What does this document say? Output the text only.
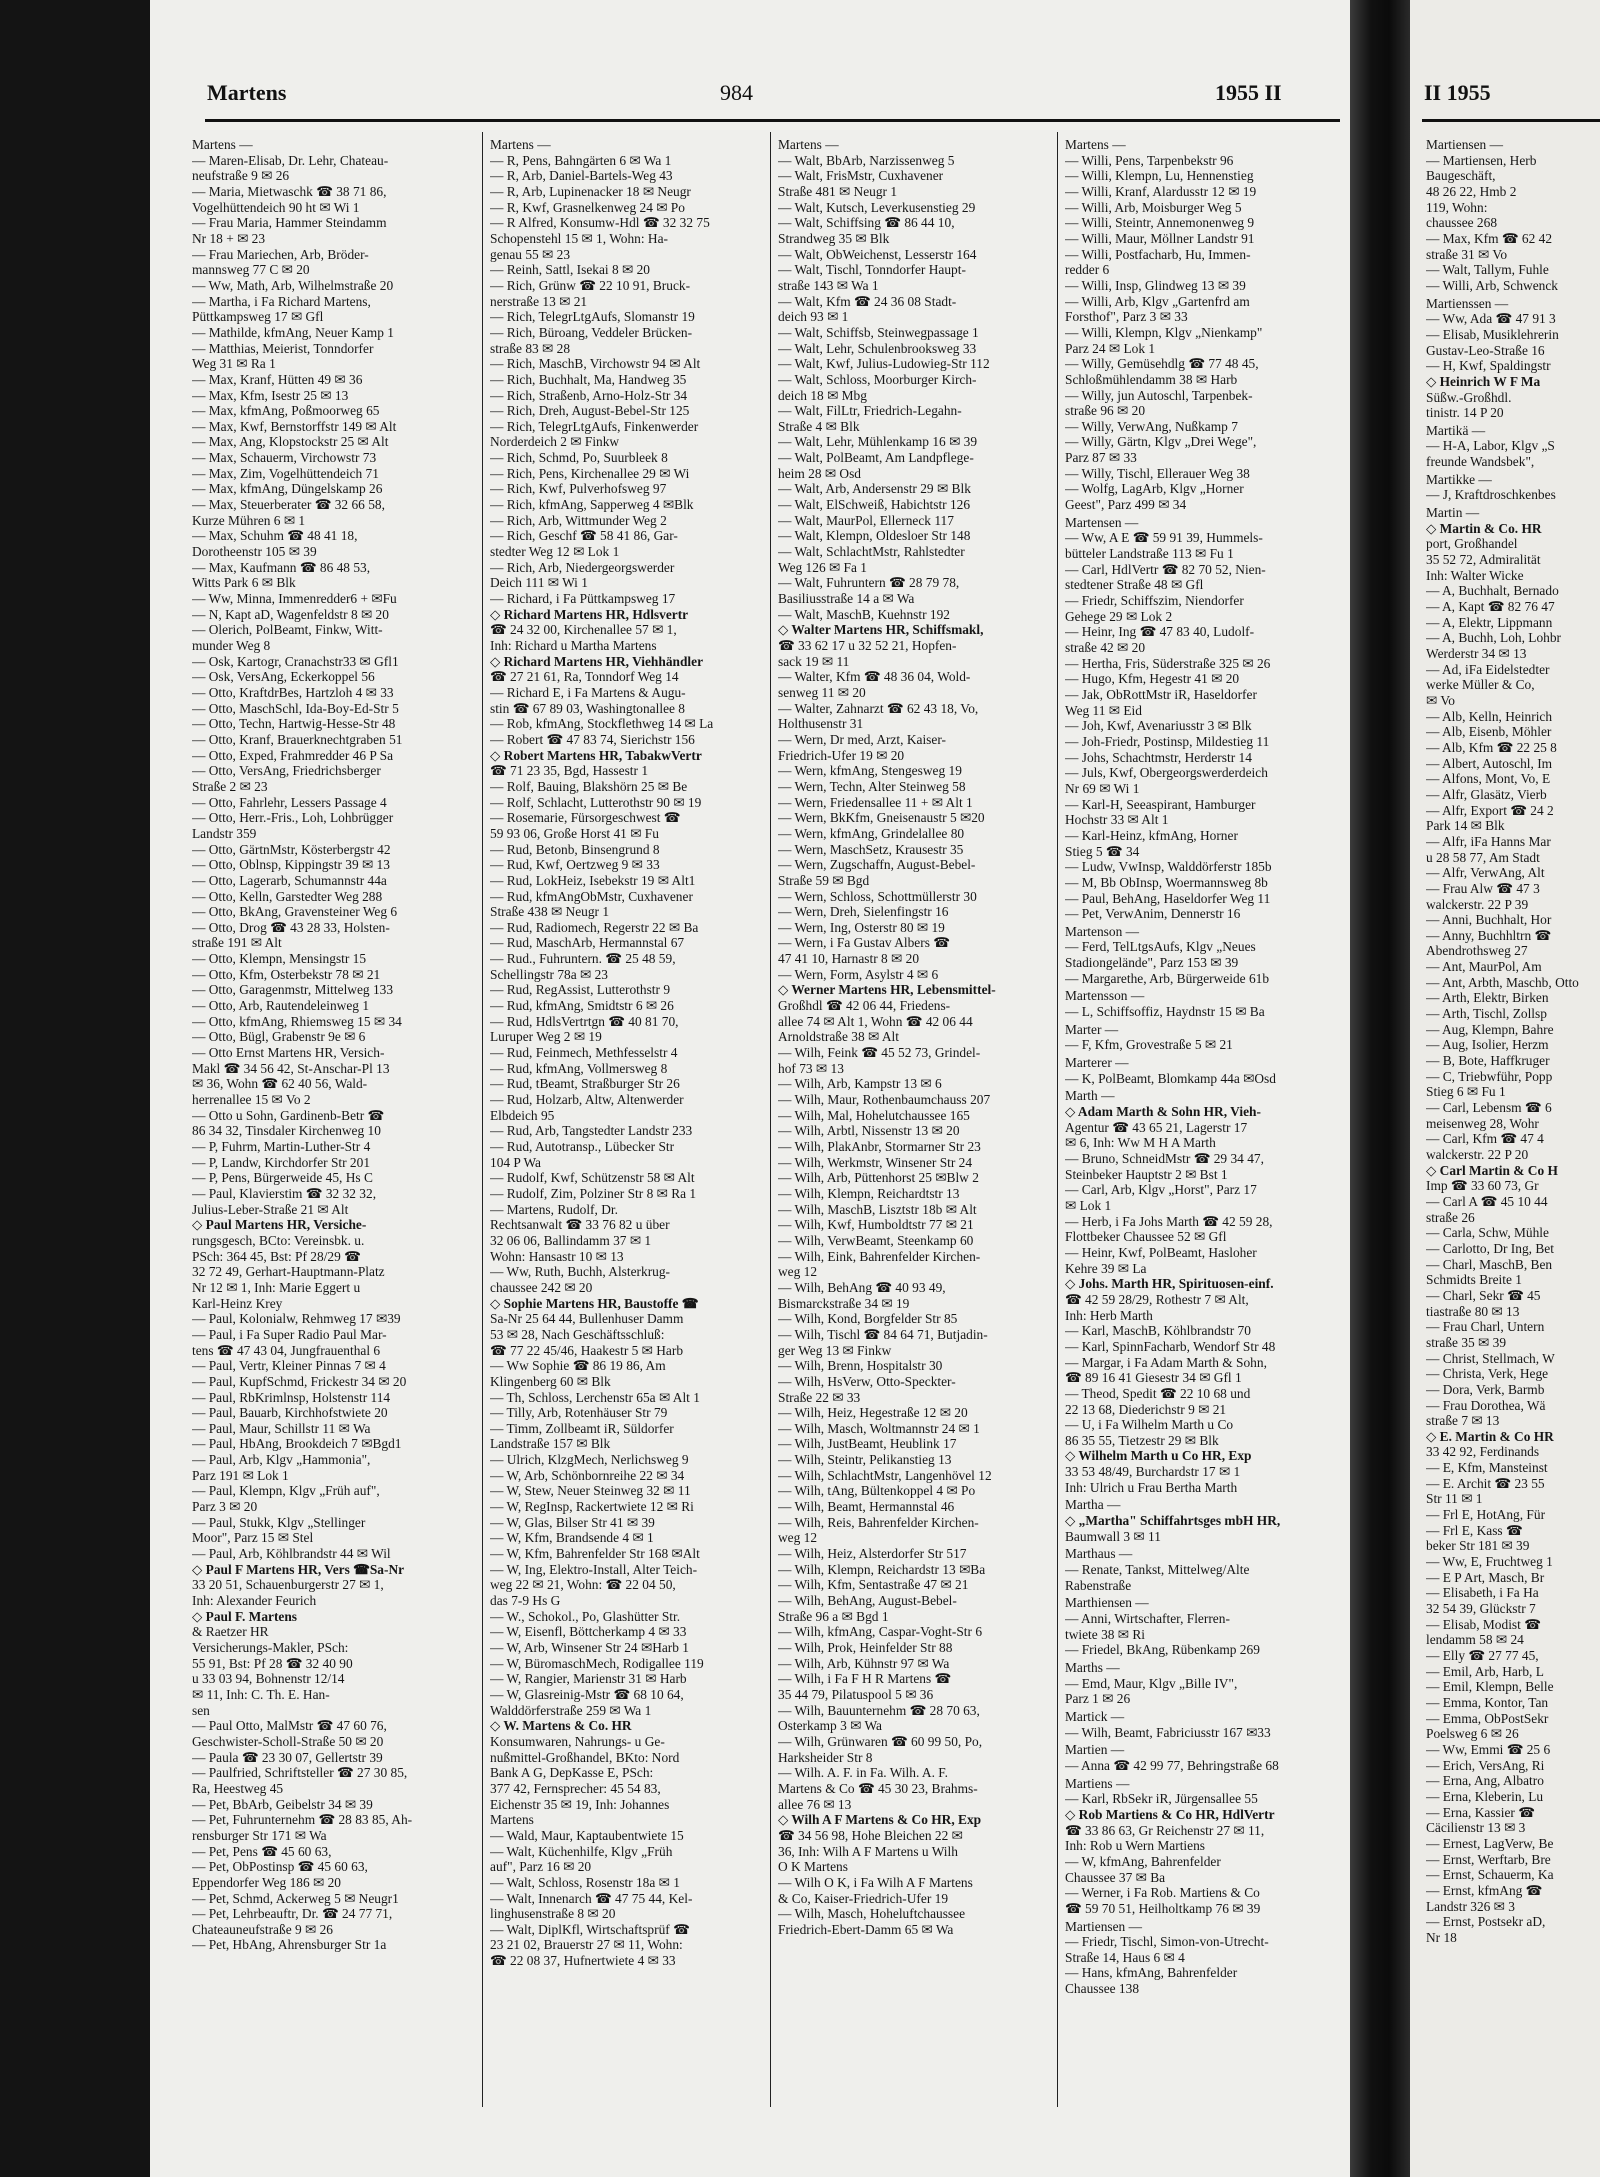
Martens	984	1955 II
Martens —
— Maren-Elisab, Dr. Lehr, Chateau-
neufstraße 9 ✉ 26
— Maria, Mietwaschk ☎ 38 71 86,
Vogelhüttendeich 90 ht ✉ Wi 1
— Frau Maria, Hammer Steindamm
Nr 18 + ✉ 23
— Frau Mariechen, Arb, Bröder-
mannsweg 77 C ✉ 20
— Ww, Math, Arb, Wilhelmstraße 20
— Martha, i Fa Richard Martens,
Püttkampsweg 17 ✉ Gfl
— Mathilde, kfmAng, Neuer Kamp 1
— Matthias, Meierist, Tonndorfer
Weg 31 ✉ Ra 1
— Max, Kranf, Hütten 49 ✉ 36
— Max, Kfm, Isestr 25 ✉ 13
— Max, kfmAng, Poßmoorweg 65
— Max, Kwf, Bernstorffstr 149 ✉ Alt
— Max, Ang, Klopstockstr 25 ✉ Alt
— Max, Schauerm, Virchowstr 73
— Max, Zim, Vogelhüttendeich 71
— Max, kfmAng, Düngelskamp 26
— Max, Steuerberater ☎ 32 66 58,
Kurze Mühren 6 ✉ 1
— Max, Schuhm ☎ 48 41 18,
Dorotheenstr 105 ✉ 39
— Max, Kaufmann ☎ 86 48 53,
Witts Park 6 ✉ Blk
— Ww, Minna, Immenredder6 + ✉Fu
— N, Kapt aD, Wagenfeldstr 8 ✉ 20
— Olerich, PolBeamt, Finkw, Witt-
munder Weg 8
— Osk, Kartogr, Cranachstr33 ✉ Gfl1
— Osk, VersAng, Eckerkoppel 56
— Otto, KraftdrBes, Hartzloh 4 ✉ 33
— Otto, MaschSchl, Ida-Boy-Ed-Str 5
— Otto, Techn, Hartwig-Hesse-Str 48
— Otto, Kranf, Brauerknechtgraben 51
— Otto, Exped, Frahmredder 46 P Sa
— Otto, VersAng, Friedrichsberger
Straße 2 ✉ 23
— Otto, Fahrlehr, Lessers Passage 4
— Otto, Herr.-Fris., Loh, Lohbrügger
Landstr 359
— Otto, GärtnMstr, Kösterbergstr 42
— Otto, Oblnsp, Kippingstr 39 ✉ 13
— Otto, Lagerarb, Schumannstr 44a
— Otto, Kelln, Garstedter Weg 288
— Otto, BkAng, Gravensteiner Weg 6
— Otto, Drog ☎ 43 28 33, Holsten-
straße 191 ✉ Alt
— Otto, Klempn, Mensingstr 15
— Otto, Kfm, Osterbekstr 78 ✉ 21
— Otto, Garagenmstr, Mittelweg 133
— Otto, Arb, Rautendeleinweg 1
— Otto, kfmAng, Rhiemsweg 15 ✉ 34
— Otto, Bügl, Grabenstr 9e ✉ 6
— Otto Ernst Martens HR, Versich-
Makl ☎ 34 56 42, St-Anschar-Pl 13
✉ 36, Wohn ☎ 62 40 56, Wald-
herrenallee 15 ✉ Vo 2
— Otto u Sohn, Gardinenb-Betr ☎
86 34 32, Tinsdaler Kirchenweg 10
— P, Fuhrm, Martin-Luther-Str 4
— P, Landw, Kirchdorfer Str 201
— P, Pens, Bürgerweide 45, Hs C
— Paul, Klavierstim ☎ 32 32 32,
Julius-Leber-Straße 21 ✉ Alt
◇ Paul Martens HR, Versiche-
rungsgesch, BCto: Vereinsbk. u.
PSch: 364 45, Bst: Pf 28/29 ☎
32 72 49, Gerhart-Hauptmann-Platz
Nr 12 ✉ 1, Inh: Marie Eggert u
Karl-Heinz Krey
— Paul, Kolonialw, Rehmweg 17 ✉39
— Paul, i Fa Super Radio Paul Mar-
tens ☎ 47 43 04, Jungfrauenthal 6
— Paul, Vertr, Kleiner Pinnas 7 ✉ 4
— Paul, KupfSchmd, Frickestr 34 ✉ 20
— Paul, RbKrimlnsp, Holstenstr 114
— Paul, Bauarb, Kirchhofstwiete 20
— Paul, Maur, Schillstr 11 ✉ Wa
— Paul, HbAng, Brookdeich 7 ✉Bgd1
— Paul, Arb, Klgv „Hammonia",
Parz 191 ✉ Lok 1
— Paul, Klempn, Klgv „Früh auf",
Parz 3 ✉ 20
— Paul, Stukk, Klgv „Stellinger
Moor", Parz 15 ✉ Stel
— Paul, Arb, Köhlbrandstr 44 ✉ Wil
◇ Paul F Martens HR, Vers ☎Sa-Nr
33 20 51, Schauenburgerstr 27 ✉ 1,
Inh: Alexander Feurich
◇ Paul F. Martens
& Raetzer HR
Versicherungs-Makler, PSch:
55 91, Bst: Pf 28 ☎ 32 40 90
u 33 03 94, Bohnenstr 12/14
✉ 11, Inh: C. Th. E. Han-
sen
— Paul Otto, MalMstr ☎ 47 60 76,
Geschwister-Scholl-Straße 50 ✉ 20
— Paula ☎ 23 30 07, Gellertstr 39
— Paulfried, Schriftsteller ☎ 27 30 85,
Ra, Heestweg 45
— Pet, BbArb, Geibelstr 34 ✉ 39
— Pet, Fuhrunternehm ☎ 28 83 85, Ah-
rensburger Str 171 ✉ Wa
— Pet, Pens ☎ 45 60 63,
— Pet, ObPostinsp ☎ 45 60 63,
Eppendorfer Weg 186 ✉ 20
— Pet, Schmd, Ackerweg 5 ✉ Neugr1
— Pet, Lehrbeauftr, Dr. ☎ 24 77 71,
Chateauneufstraße 9 ✉ 26
— Pet, HbAng, Ahrensburger Str 1a
Martens —
— R, Pens, Bahngärten 6 ✉ Wa 1
— R, Arb, Daniel-Bartels-Weg 43
— R, Arb, Lupinenacker 18 ✉ Neugr
— R, Kwf, Grasnelkenweg 24 ✉ Po
— R Alfred, Konsumw-Hdl ☎ 32 32 75
Schopenstehl 15 ✉ 1, Wohn: Ha-
genau 55 ✉ 23
— Reinh, Sattl, Isekai 8 ✉ 20
— Rich, Grünw ☎ 22 10 91, Bruck-
nerstraße 13 ✉ 21
— Rich, TelegrLtgAufs, Slomanstr 19
— Rich, Büroang, Veddeler Brücken-
straße 83 ✉ 28
— Rich, MaschB, Virchowstr 94 ✉ Alt
— Rich, Buchhalt, Ma, Handweg 35
— Rich, Straßenb, Arno-Holz-Str 34
— Rich, Dreh, August-Bebel-Str 125
— Rich, TelegrLtgAufs, Finkenwerder
Norderdeich 2 ✉ Finkw
— Rich, Schmd, Po, Suurbleek 8
— Rich, Pens, Kirchenallee 29 ✉ Wi
— Rich, Kwf, Pulverhofsweg 97
— Rich, kfmAng, Sapperweg 4 ✉Blk
— Rich, Arb, Wittmunder Weg 2
— Rich, Geschf ☎ 58 41 86, Gar-
stedter Weg 12 ✉ Lok 1
— Rich, Arb, Niedergeorgswerder
Deich 111 ✉ Wi 1
— Richard, i Fa Püttkampsweg 17
◇ Richard Martens HR, Hdlsvertr
☎ 24 32 00, Kirchenallee 57 ✉ 1,
Inh: Richard u Martha Martens
◇ Richard Martens HR, Viehhändler
☎ 27 21 61, Ra, Tonndorf Weg 14
— Richard E, i Fa Martens & Augu-
stin ☎ 67 89 03, Washingtonallee 8
— Rob, kfmAng, Stockflethweg 14 ✉ La
— Robert ☎ 47 83 74, Sierichstr 156
◇ Robert Martens HR, TabakwVertr
☎ 71 23 35, Bgd, Hassestr 1
— Rolf, Bauing, Blakshörn 25 ✉ Be
— Rolf, Schlacht, Lutterothstr 90 ✉ 19
— Rosemarie, Fürsorgeschwest ☎
59 93 06, Große Horst 41 ✉ Fu
— Rud, Betonb, Binsengrund 8
— Rud, Kwf, Oertzweg 9 ✉ 33
— Rud, LokHeiz, Isebekstr 19 ✉ Alt1
— Rud, kfmAngObMstr, Cuxhavener
Straße 438 ✉ Neugr 1
— Rud, Radiomech, Regerstr 22 ✉ Ba
— Rud, MaschArb, Hermannstal 67
— Rud., Fuhruntern. ☎ 25 48 59,
Schellingstr 78a ✉ 23
— Rud, RegAssist, Lutterothstr 9
— Rud, kfmAng, Smidtstr 6 ✉ 26
— Rud, HdlsVertrtgn ☎ 40 81 70,
Luruper Weg 2 ✉ 19
— Rud, Feinmech, Methfesselstr 4
— Rud, kfmAng, Vollmersweg 8
— Rud, tBeamt, Straßburger Str 26
— Rud, Holzarb, Altw, Altenwerder
Elbdeich 95
— Rud, Arb, Tangstedter Landstr 233
— Rud, Autotransp., Lübecker Str
104 P Wa
— Rudolf, Kwf, Schützenstr 58 ✉ Alt
— Rudolf, Zim, Polziner Str 8 ✉ Ra 1
— Martens, Rudolf, Dr.
Rechtsanwalt ☎ 33 76 82 u über
32 06 06, Ballindamm 37 ✉ 1
Wohn: Hansastr 10 ✉ 13
— Ww, Ruth, Buchh, Alsterkrug-
chaussee 242 ✉ 20
◇ Sophie Martens HR, Baustoffe ☎
Sa-Nr 25 64 44, Bullenhuser Damm
53 ✉ 28, Nach Geschäftsschluß:
☎ 77 22 45/46, Haakestr 5 ✉ Harb
— Ww Sophie ☎ 86 19 86, Am
Klingenberg 60 ✉ Blk
— Th, Schloss, Lerchenstr 65a ✉ Alt 1
— Tilly, Arb, Rotenhäuser Str 79
— Timm, Zollbeamt iR, Süldorfer
Landstraße 157 ✉ Blk
— Ulrich, KlzgMech, Nerlichsweg 9
— W, Arb, Schönbornreihe 22 ✉ 34
— W, Stew, Neuer Steinweg 32 ✉ 11
— W, RegInsp, Rackertwiete 12 ✉ Ri
— W, Glas, Bilser Str 41 ✉ 39
— W, Kfm, Brandsende 4 ✉ 1
— W, Kfm, Bahrenfelder Str 168 ✉Alt
— W, Ing, Elektro-Install, Alter Teich-
weg 22 ✉ 21, Wohn: ☎ 22 04 50,
das 7-9 Hs G
— W., Schokol., Po, Glashütter Str.
— W, Eisenfl, Böttcherkamp 4 ✉ 33
— W, Arb, Winsener Str 24 ✉Harb 1
— W, BüromaschMech, Rodigallee 119
— W, Rangier, Marienstr 31 ✉ Harb
— W, Glasreinig-Mstr ☎ 68 10 64,
Walddörferstraße 259 ✉ Wa 1
◇ W. Martens & Co. HR
Konsumwaren, Nahrungs- u Ge-
nußmittel-Großhandel, BKto: Nord
Bank A G, DepKasse E, PSch:
377 42, Fernsprecher: 45 54 83,
Eichenstr 35 ✉ 19, Inh: Johannes
Martens
— Wald, Maur, Kaptaubentwiete 15
— Walt, Küchenhilfe, Klgv „Früh
auf", Parz 16 ✉ 20
— Walt, Schloss, Rosenstr 18a ✉ 1
— Walt, Innenarch ☎ 47 75 44, Kel-
linghusenstraße 8 ✉ 20
— Walt, DiplKfl, Wirtschaftsprüf ☎
23 21 02, Brauerstr 27 ✉ 11, Wohn:
☎ 22 08 37, Hufnertwiete 4 ✉ 33
Martens —
— Walt, BbArb, Narzissenweg 5
— Walt, FrisMstr, Cuxhavener
Straße 481 ✉ Neugr 1
— Walt, Kutsch, Leverkusenstieg 29
— Walt, Schiffsing ☎ 86 44 10,
Strandweg 35 ✉ Blk
— Walt, ObWeichenst, Lesserstr 164
— Walt, Tischl, Tonndorfer Haupt-
straße 143 ✉ Wa 1
— Walt, Kfm ☎ 24 36 08 Stadt-
deich 93 ✉ 1
— Walt, Schiffsb, Steinwegpassage 1
— Walt, Lehr, Schulenbrooksweg 33
— Walt, Kwf, Julius-Ludowieg-Str 112
— Walt, Schloss, Moorburger Kirch-
deich 18 ✉ Mbg
— Walt, FilLtr, Friedrich-Legahn-
Straße 4 ✉ Blk
— Walt, Lehr, Mühlenkamp 16 ✉ 39
— Walt, PolBeamt, Am Landpflege-
heim 28 ✉ Osd
— Walt, Arb, Andersenstr 29 ✉ Blk
— Walt, ElSchweiß, Habichtstr 126
— Walt, MaurPol, Ellerneck 117
— Walt, Klempn, Oldesloer Str 148
— Walt, SchlachtMstr, Rahlstedter
Weg 126 ✉ Fa 1
— Walt, Fuhruntern ☎ 28 79 78,
Basiliusstraße 14 a ✉ Wa
— Walt, MaschB, Kuehnstr 192
◇ Walter Martens HR, Schiffsmakl,
☎ 33 62 17 u 32 52 21, Hopfen-
sack 19 ✉ 11
— Walter, Kfm ☎ 48 36 04, Wold-
senweg 11 ✉ 20
— Walter, Zahnarzt ☎ 62 43 18, Vo,
Holthusenstr 31
— Wern, Dr med, Arzt, Kaiser-
Friedrich-Ufer 19 ✉ 20
— Wern, kfmAng, Stengesweg 19
— Wern, Techn, Alter Steinweg 58
— Wern, Friedensallee 11 + ✉ Alt 1
— Wern, BkKfm, Gneisenaustr 5 ✉20
— Wern, kfmAng, Grindelallee 80
— Wern, MaschSetz, Krausestr 35
— Wern, Zugschaffn, August-Bebel-
Straße 59 ✉ Bgd
— Wern, Schloss, Schottmüllerstr 30
— Wern, Dreh, Sielenfingstr 16
— Wern, Ing, Osterstr 80 ✉ 19
— Wern, i Fa Gustav Albers ☎
47 41 10, Harnastr 8 ✉ 20
— Wern, Form, Asylstr 4 ✉ 6
◇ Werner Martens HR, Lebensmittel-
Großhdl ☎ 42 06 44, Friedens-
allee 74 ✉ Alt 1, Wohn ☎ 42 06 44
Arnoldstraße 38 ✉ Alt
— Wilh, Feink ☎ 45 52 73, Grindel-
hof 73 ✉ 13
— Wilh, Arb, Kampstr 13 ✉ 6
— Wilh, Maur, Rothenbaumchauss 207
— Wilh, Mal, Hohelutchaussee 165
— Wilh, Arbtl, Nissenstr 13 ✉ 20
— Wilh, PlakAnbr, Stormarner Str 23
— Wilh, Werkmstr, Winsener Str 24
— Wilh, Arb, Püttenhorst 25 ✉Blw 2
— Wilh, Klempn, Reichardtstr 13
— Wilh, MaschB, Lisztstr 18b ✉ Alt
— Wilh, Kwf, Humboldtstr 77 ✉ 21
— Wilh, VerwBeamt, Steenkamp 60
— Wilh, Eink, Bahrenfelder Kirchen-
weg 12
— Wilh, BehAng ☎ 40 93 49,
Bismarckstraße 34 ✉ 19
— Wilh, Kond, Borgfelder Str 85
— Wilh, Tischl ☎ 84 64 71, Butjadin-
ger Weg 13 ✉ Finkw
— Wilh, Brenn, Hospitalstr 30
— Wilh, HsVerw, Otto-Speckter-
Straße 22 ✉ 33
— Wilh, Heiz, Hegestraße 12 ✉ 20
— Wilh, Masch, Woltmannstr 24 ✉ 1
— Wilh, JustBeamt, Heublink 17
— Wilh, Steintr, Pelikanstieg 13
— Wilh, SchlachtMstr, Langenhövel 12
— Wilh, tAng, Bültenkoppel 4 ✉ Po
— Wilh, Beamt, Hermannstal 46
— Wilh, Reis, Bahrenfelder Kirchen-
weg 12
— Wilh, Heiz, Alsterdorfer Str 517
— Wilh, Klempn, Reichardstr 13 ✉Ba
— Wilh, Kfm, Sentastraße 47 ✉ 21
— Wilh, BehAng, August-Bebel-
Straße 96 a ✉ Bgd 1
— Wilh, kfmAng, Caspar-Voght-Str 6
— Wilh, Prok, Heinfelder Str 88
— Wilh, Arb, Kühnstr 97 ✉ Wa
— Wilh, i Fa F H R Martens ☎
35 44 79, Pilatuspool 5 ✉ 36
— Wilh, Bauunternehm ☎ 28 70 63,
Osterkamp 3 ✉ Wa
— Wilh, Grünwaren ☎ 60 99 50, Po,
Harksheider Str 8
— Wilh. A. F. in Fa. Wilh. A. F.
Martens & Co ☎ 45 30 23, Brahms-
allee 76 ✉ 13
◇ Wilh A F Martens & Co HR, Exp
☎ 34 56 98, Hohe Bleichen 22 ✉
36, Inh: Wilh A F Martens u Wilh
O K Martens
— Wilh O K, i Fa Wilh A F Martens
& Co, Kaiser-Friedrich-Ufer 19
— Wilh, Masch, Hoheluftchaussee
Friedrich-Ebert-Damm 65 ✉ Wa
Martens —
— Willi, Pens, Tarpenbekstr 96
— Willi, Klempn, Lu, Hennenstieg
— Willi, Kranf, Alardusstr 12 ✉ 19
— Willi, Arb, Moisburger Weg 5
— Willi, Steintr, Annemonenweg 9
— Willi, Maur, Möllner Landstr 91
— Willi, Postfacharb, Hu, Immen-
redder 6
— Willi, Insp, Glindweg 13 ✉ 39
— Willi, Arb, Klgv „Gartenfrd am
Forsthof", Parz 3 ✉ 33
— Willi, Klempn, Klgv „Nienkamp"
Parz 24 ✉ Lok 1
— Willy, Gemüsehdlg ☎ 77 48 45,
Schloßmühlendamm 38 ✉ Harb
— Willy, jun Autoschl, Tarpenbek-
straße 96 ✉ 20
— Willy, VerwAng, Nußkamp 7
— Willy, Gärtn, Klgv „Drei Wege",
Parz 87 ✉ 33
— Willy, Tischl, Ellerauer Weg 38
— Wolfg, LagArb, Klgv „Horner
Geest", Parz 499 ✉ 34
Martensen —
— Ww, A E ☎ 59 91 39, Hummels-
bütteler Landstraße 113 ✉ Fu 1
— Carl, HdlVertr ☎ 82 70 52, Nien-
stedtener Straße 48 ✉ Gfl
— Friedr, Schiffszim, Niendorfer
Gehege 29 ✉ Lok 2
— Heinr, Ing ☎ 47 83 40, Ludolf-
straße 42 ✉ 20
— Hertha, Fris, Süderstraße 325 ✉ 26
— Hugo, Kfm, Hegestr 41 ✉ 20
— Jak, ObRottMstr iR, Haseldorfer
Weg 11 ✉ Eid
— Joh, Kwf, Avenariusstr 3 ✉ Blk
— Joh-Friedr, Postinsp, Mildestieg 11
— Johs, Schachtmstr, Herderstr 14
— Juls, Kwf, Obergeorgswerderdeich
Nr 69 ✉ Wi 1
— Karl-H, Seeaspirant, Hamburger
Hochstr 33 ✉ Alt 1
— Karl-Heinz, kfmAng, Horner
Stieg 5 ☎ 34
— Ludw, VwInsp, Walddörferstr 185b
— M, Bb ObInsp, Woermannsweg 8b
— Paul, BehAng, Haseldorfer Weg 11
— Pet, VerwAnim, Dennerstr 16
Martenson —
— Ferd, TelLtgsAufs, Klgv „Neues
Stadiongelände", Parz 153 ✉ 39
— Margarethe, Arb, Bürgerweide 61b
Martensson —
— L, Schiffsoffiz, Haydnstr 15 ✉ Ba
Marter —
— F, Kfm, Grovestraße 5 ✉ 21
Marterer —
— K, PolBeamt, Blomkamp 44a ✉Osd
Marth —
◇ Adam Marth & Sohn HR, Vieh-
Agentur ☎ 43 65 21, Lagerstr 17
✉ 6, Inh: Ww M H A Marth
— Bruno, SchneidMstr ☎ 29 34 47,
Steinbeker Hauptstr 2 ✉ Bst 1
— Carl, Arb, Klgv „Horst", Parz 17
✉ Lok 1
— Herb, i Fa Johs Marth ☎ 42 59 28,
Flottbeker Chaussee 52 ✉ Gfl
— Heinr, Kwf, PolBeamt, Hasloher
Kehre 39 ✉ La
◇ Johs. Marth HR, Spirituosen-einf.
☎ 42 59 28/29, Rothestr 7 ✉ Alt,
Inh: Herb Marth
— Karl, MaschB, Köhlbrandstr 70
— Karl, SpinnFacharb, Wendorf Str 48
— Margar, i Fa Adam Marth & Sohn,
☎ 89 16 41 Giesestr 34 ✉ Gfl 1
— Theod, Spedit ☎ 22 10 68 und
22 13 68, Diederichstr 9 ✉ 21
— U, i Fa Wilhelm Marth u Co
86 35 55, Tietzestr 29 ✉ Blk
◇ Wilhelm Marth u Co HR, Exp
33 53 48/49, Burchardstr 17 ✉ 1
Inh: Ulrich u Frau Bertha Marth
Martha —
◇ „Martha" Schiffahrtsges mbH HR,
Baumwall 3 ✉ 11
Marthaus —
— Renate, Tankst, Mittelweg/Alte
Rabenstraße
Marthiensen —
— Anni, Wirtschafter, Flerren-
twiete 38 ✉ Ri
— Friedel, BkAng, Rübenkamp 269
Marths —
— Emd, Maur, Klgv „Bille IV",
Parz 1 ✉ 26
Martick —
— Wilh, Beamt, Fabriciusstr 167 ✉33
Martien —
— Anna ☎ 42 99 77, Behringstraße 68
Martiens —
— Karl, RbSekr iR, Jürgensallee 55
◇ Rob Martiens & Co HR, HdlVertr
☎ 33 86 63, Gr Reichenstr 27 ✉ 11,
Inh: Rob u Wern Martiens
— W, kfmAng, Bahrenfelder
Chaussee 37 ✉ Ba
— Werner, i Fa Rob. Martiens & Co
☎ 59 70 51, Heilholtkamp 76 ✉ 39
Martiensen —
— Friedr, Tischl, Simon-von-Utrecht-
Straße 14, Haus 6 ✉ 4
— Hans, kfmAng, Bahrenfelder
Chaussee 138
II 1955
Martiensen —
— Martiensen, Herb
Baugeschäft,
48 26 22, Hmb 2
119, Wohn:
chaussee 268
— Max, Kfm ☎ 62 42
straße 31 ✉ Vo
— Walt, Tallym, Fuhle
— Willi, Arb, Schwenck
Martienssen —
— Ww, Ada ☎ 47 91 3
— Elisab, Musiklehrerin
Gustav-Leo-Straße 16
— H, Kwf, Spaldingstr
◇ Heinrich W F Ma
Süßw.-Großhdl.
tinistr. 14 P 20
Martikä —
— H-A, Labor, Klgv „S
freunde Wandsbek",
Martikke —
— J, Kraftdroschkenbes
Martin —
◇ Martin & Co. HR
port, Großhandel
35 52 72, Admiralität
Inh: Walter Wicke
— A, Buchhalt, Bernado
— A, Kapt ☎ 82 76 47
— A, Elektr, Lippmann
— A, Buchh, Loh, Lohbr
Werderstr 34 ✉ 13
— Ad, iFa Eidelstedter
werke Müller & Co,
✉ Vo
— Alb, Kelln, Heinrich
— Alb, Eisenb, Möhler
— Alb, Kfm ☎ 22 25 8
— Albert, Autoschl, Im
— Alfons, Mont, Vo, E
— Alfr, Glasätz, Vierb
— Alfr, Export ☎ 24 2
Park 14 ✉ Blk
— Alfr, iFa Hanns Mar
u 28 58 77, Am Stadt
— Alfr, VerwAng, Alt
— Frau Alw ☎ 47 3
walckerstr. 22 P 39
— Anni, Buchhalt, Hor
— Anny, Buchhltrn ☎
Abendrothsweg 27
— Ant, MaurPol, Am
— Ant, Arbth, Maschb, Otto
— Arth, Elektr, Birken
— Arth, Tischl, Zollsp
— Aug, Klempn, Bahre
— Aug, Isolier, Herzm
— B, Bote, Haffkruger
— C, Triebwführ, Popp
Stieg 6 ✉ Fu 1
— Carl, Lebensm ☎ 6
meisenweg 28, Wohr
— Carl, Kfm ☎ 47 4
walckerstr. 22 P 20
◇ Carl Martin & Co H
Imp ☎ 33 60 73, Gr
— Carl A ☎ 45 10 44
straße 26
— Carla, Schw, Mühle
— Carlotto, Dr Ing, Bet
— Charl, MaschB, Ben
Schmidts Breite 1
— Charl, Sekr ☎ 45
tiastraße 80 ✉ 13
— Frau Charl, Untern
straße 35 ✉ 39
— Christ, Stellmach, W
— Christa, Verk, Hege
— Dora, Verk, Barmb
— Frau Dorothea, Wä
straße 7 ✉ 13
◇ E. Martin & Co HR
33 42 92, Ferdinands
— E, Kfm, Mansteinst
— E. Archit ☎ 23 55
Str 11 ✉ 1
— Frl E, HotAng, Für
— Frl E, Kass ☎
beker Str 181 ✉ 39
— Ww, E, Fruchtweg 1
— E P Art, Masch, Br
— Elisabeth, i Fa Ha
32 54 39, Glückstr 7
— Elisab, Modist ☎
lendamm 58 ✉ 24
— Elly ☎ 27 77 45,
— Emil, Arb, Harb, L
— Emil, Klempn, Belle
— Emma, Kontor, Tan
— Emma, ObPostSekr
Poelsweg 6 ✉ 26
— Ww, Emmi ☎ 25 6
— Erich, VersAng, Ri
— Erna, Ang, Albatro
— Erna, Kleberin, Lu
— Erna, Kassier ☎
Cäcilienstr 13 ✉ 3
— Ernest, LagVerw, Be
— Ernst, Werftarb, Bre
— Ernst, Schauerm, Ka
— Ernst, kfmAng ☎
Landstr 326 ✉ 3
— Ernst, Postsekr aD,
Nr 18
